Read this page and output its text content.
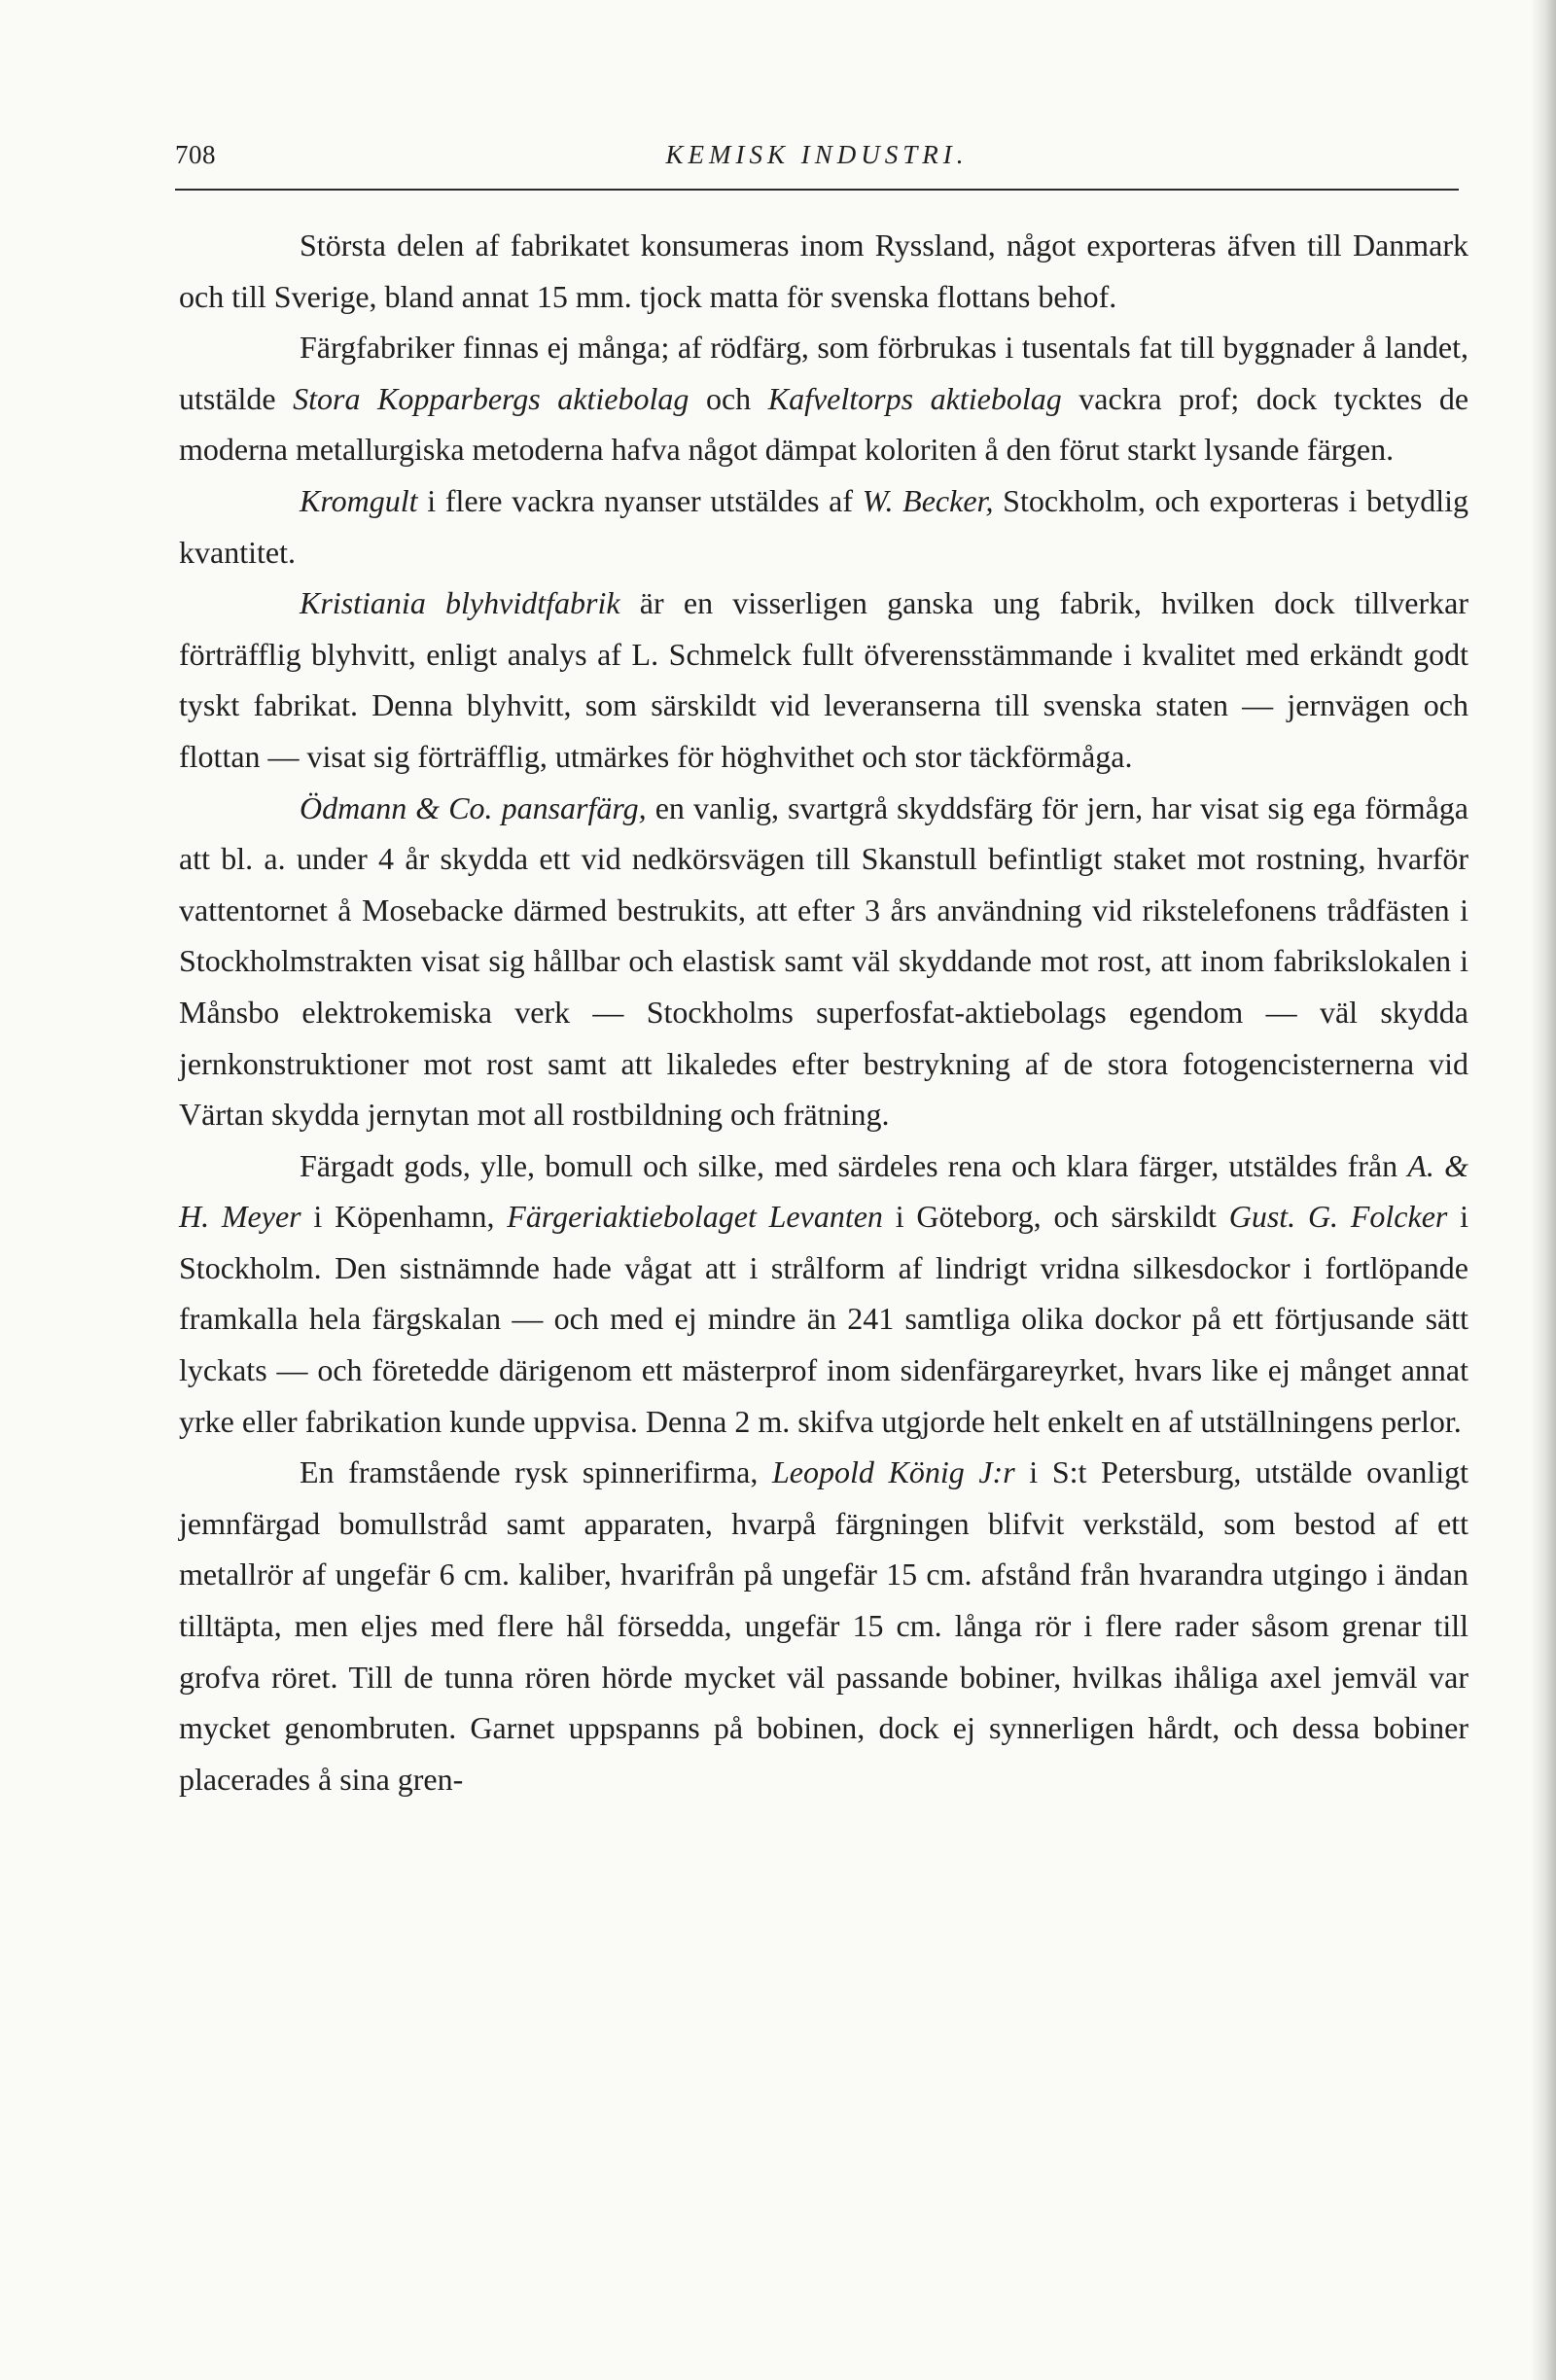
708	KEMISK INDUSTRI.

Största delen af fabrikatet konsumeras inom Ryssland, något exporteras äfven till Danmark och till Sverige, bland annat 15 mm. tjock matta för svenska flottans behof.

Färgfabriker finnas ej många; af rödfärg, som förbrukas i tusentals fat till byggnader å landet, utstälde Stora Kopparbergs aktiebolag och Kafveltorps aktiebolag vackra prof; dock tycktes de moderna metallurgiska metoderna hafva något dämpat koloriten å den förut starkt lysande färgen.

Kromgult i flere vackra nyanser utstäldes af W. Becker, Stockholm, och exporteras i betydlig kvantitet.

Kristiania blyhvidtfabrik är en visserligen ganska ung fabrik, hvilken dock tillverkar förträfflig blyhvitt, enligt analys af L. Schmelck fullt öfverensstämmande i kvalitet med erkändt godt tyskt fabrikat. Denna blyhvitt, som särskildt vid leveranserna till svenska staten — jernvägen och flottan — visat sig förträfflig, utmärkes för höghvithet och stor täckförmåga.

Ödmann & Co. pansarfärg, en vanlig, svartgrå skyddsfärg för jern, har visat sig ega förmåga att bl. a. under 4 år skydda ett vid nedkörsvägen till Skanstull befintligt staket mot rostning, hvarför vattentornet å Mosebacke därmed bestrukits, att efter 3 års användning vid rikstelefonens trådfästen i Stockholmstrakten visat sig hållbar och elastisk samt väl skyddande mot rost, att inom fabrikslokalen i Månsbo elektrokemiska verk — Stockholms superfosfat-aktiebolags egendom — väl skydda jernkonstruktioner mot rost samt att likaledes efter bestrykning af de stora fotogencisternerna vid Värtan skydda jernytan mot all rostbildning och frätning.

Färgadt gods, ylle, bomull och silke, med särdeles rena och klara färger, utstäldes från A. & H. Meyer i Köpenhamn, Färgeriaktiebolaget Levanten i Göteborg, och särskildt Gust. G. Folcker i Stockholm. Den sistnämnde hade vågat att i strålform af lindrigt vridna silkesdockor i fortlöpande framkalla hela färgskalan — och med ej mindre än 241 samtliga olika dockor på ett förtjusande sätt lyckats — och företedde därigenom ett mästerprof inom sidenfärgareyrket, hvars like ej månget annat yrke eller fabrikation kunde uppvisa. Denna 2 m. skifva utgjorde helt enkelt en af utställningens perlor.

En framstående rysk spinnerifirma, Leopold König J:r i S:t Petersburg, utstälde ovanligt jemnfärgad bomullstråd samt apparaten, hvarpå färgningen blifvit verkstäld, som bestod af ett metallrör af ungefär 6 cm. kaliber, hvarifrån på ungefär 15 cm. afstånd från hvarandra utgingo i ändan tilltäpta, men eljes med flere hål försedda, ungefär 15 cm. långa rör i flere rader såsom grenar till grofva röret. Till de tunna rören hörde mycket väl passande bobiner, hvilkas ihåliga axel jemväl var mycket genombruten. Garnet uppspanns på bobinen, dock ej synnerligen hårdt, och dessa bobiner placerades å sina gren-
